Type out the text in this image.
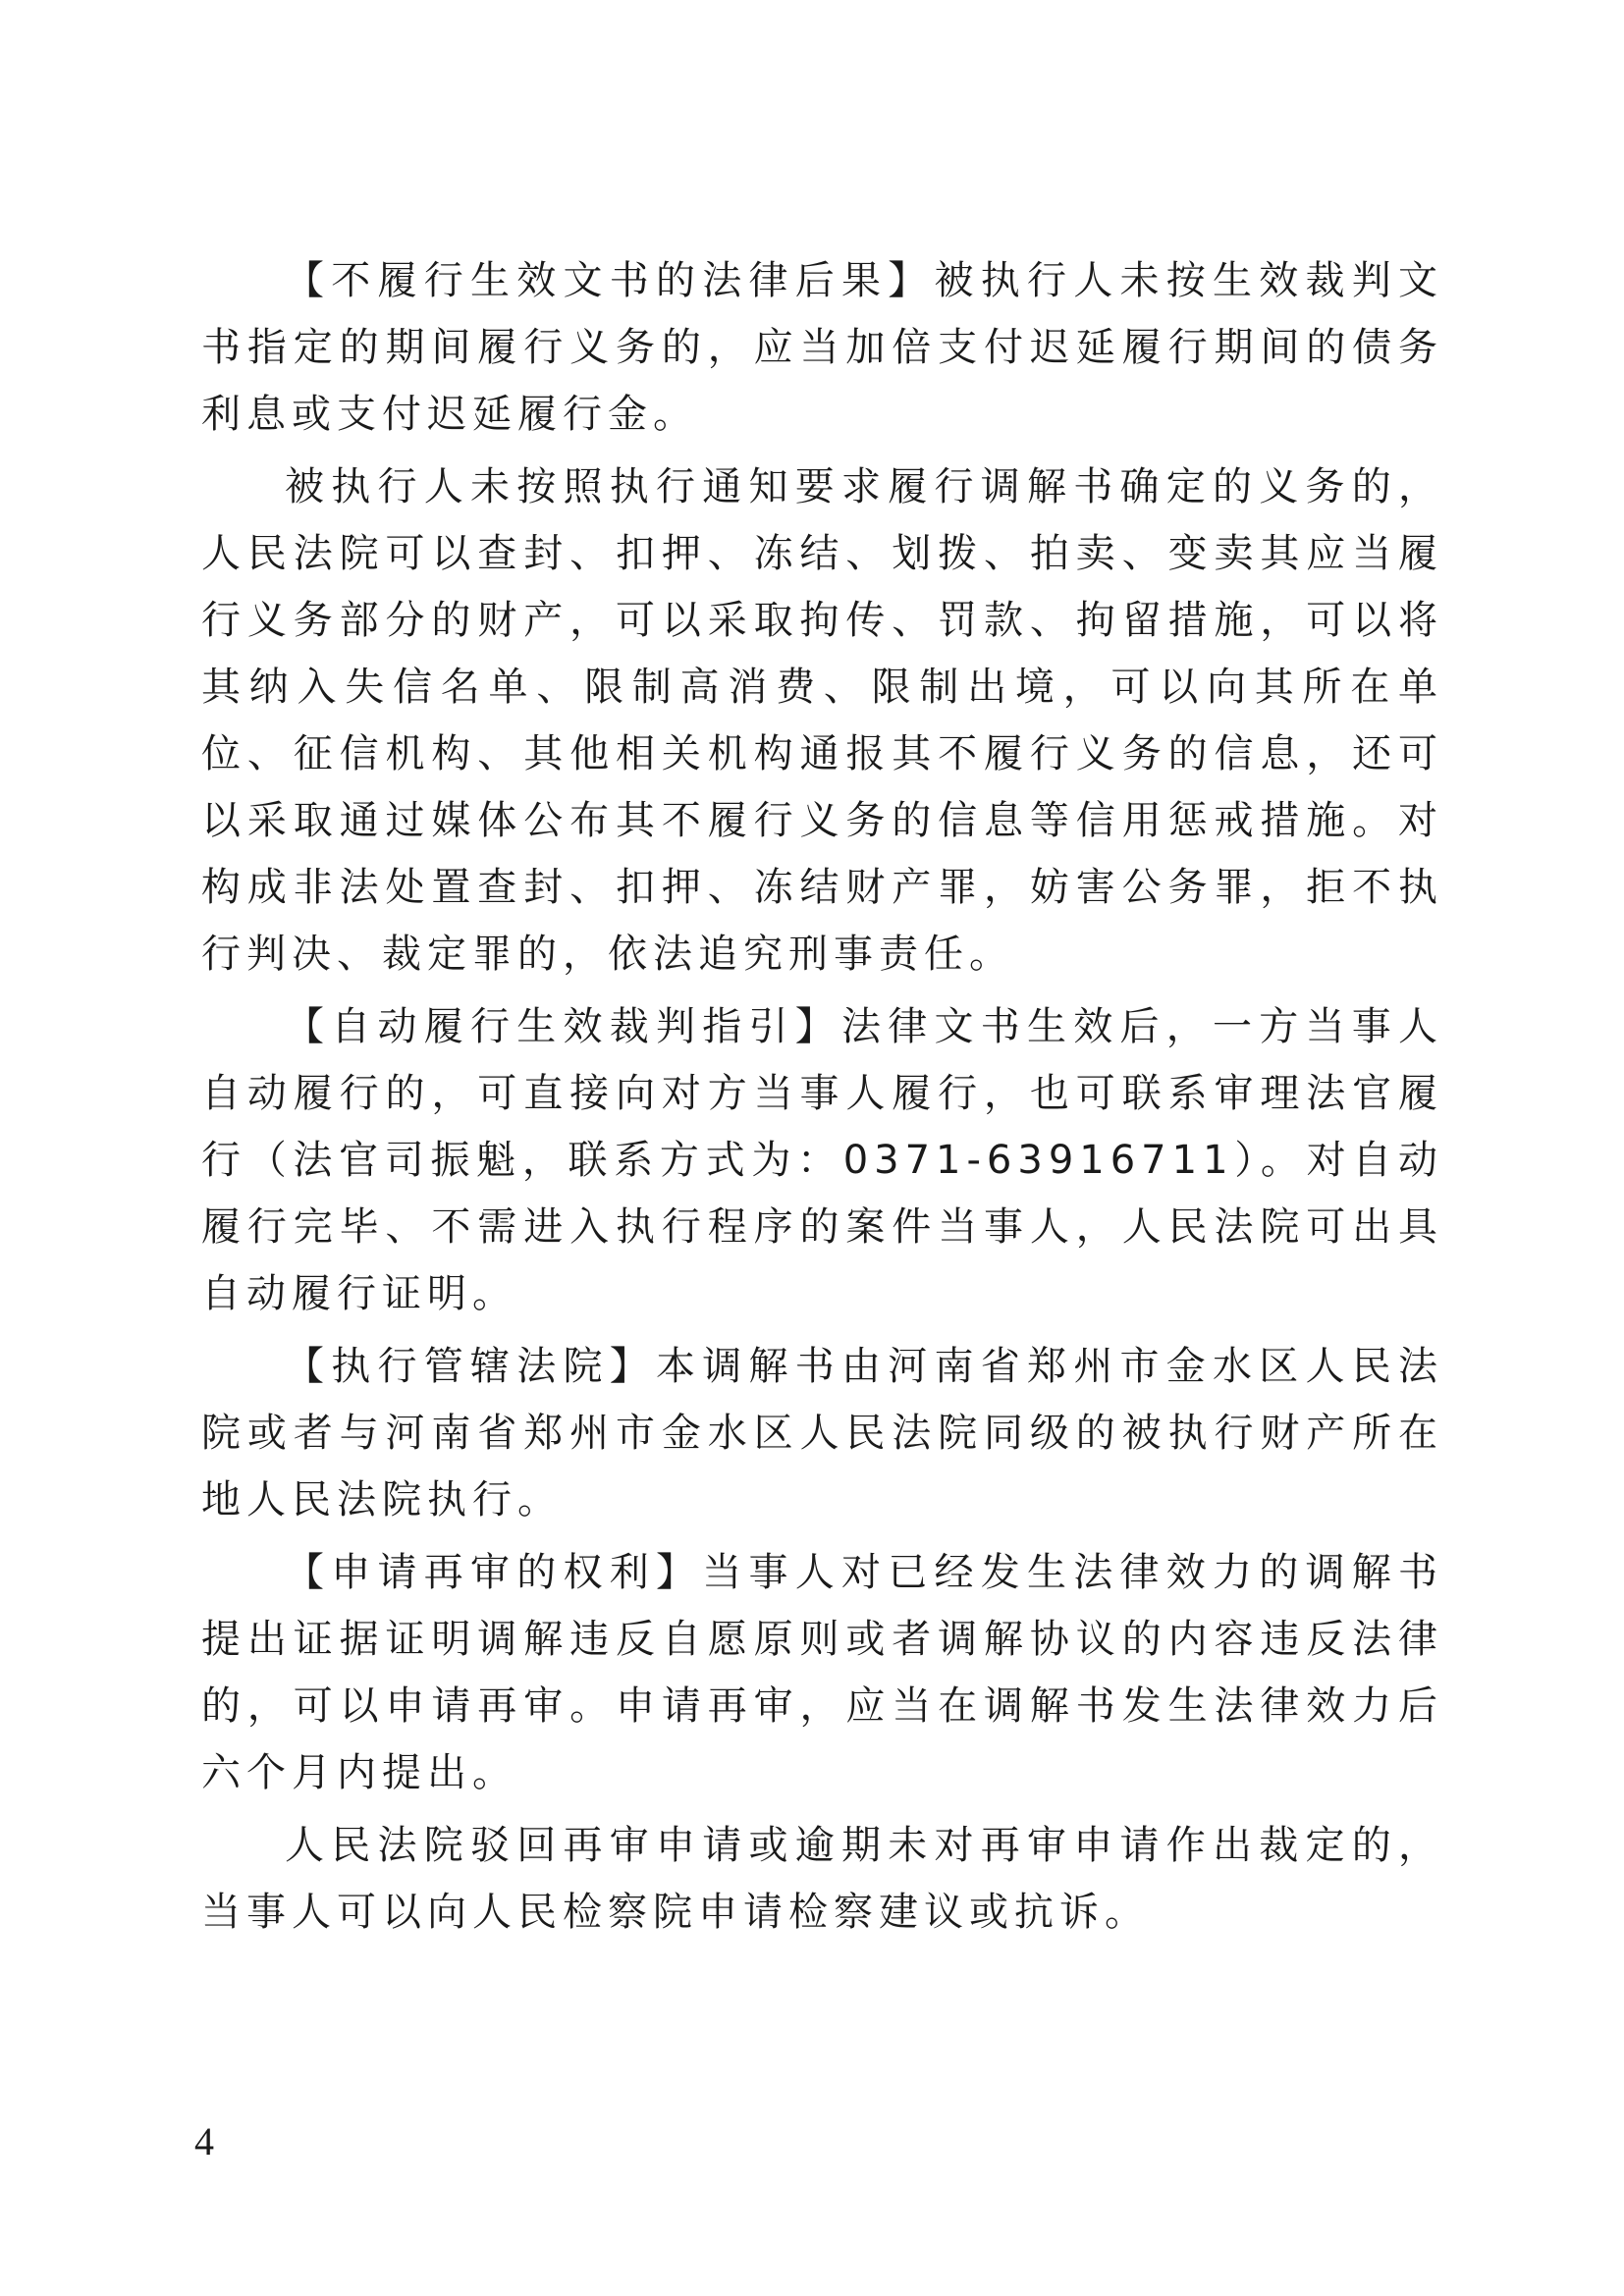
【不履行生效文书的法律后果】被执行人未按生效裁判文书指定的期间履行义务的，应当加倍支付迟延履行期间的债务利息或支付迟延履行金。

被执行人未按照执行通知要求履行调解书确定的义务的，人民法院可以查封、扣押、冻结、划拨、拍卖、变卖其应当履行义务部分的财产，可以采取拘传、罚款、拘留措施，可以将其纳入失信名单、限制高消费、限制出境，可以向其所在单位、征信机构、其他相关机构通报其不履行义务的信息，还可以采取通过媒体公布其不履行义务的信息等信用惩戒措施。对构成非法处置查封、扣押、冻结财产罪，妨害公务罪，拒不执行判决、裁定罪的，依法追究刑事责任。

【自动履行生效裁判指引】法律文书生效后，一方当事人自动履行的，可直接向对方当事人履行，也可联系审理法官履行（法官司振魁，联系方式为：0371-63916711）。对自动履行完毕、不需进入执行程序的案件当事人，人民法院可出具自动履行证明。

【执行管辖法院】本调解书由河南省郑州市金水区人民法院或者与河南省郑州市金水区人民法院同级的被执行财产所在地人民法院执行。

【申请再审的权利】当事人对已经发生法律效力的调解书提出证据证明调解违反自愿原则或者调解协议的内容违反法律的，可以申请再审。申请再审，应当在调解书发生法律效力后六个月内提出。

人民法院驳回再审申请或逾期未对再审申请作出裁定的，当事人可以向人民检察院申请检察建议或抗诉。

4
